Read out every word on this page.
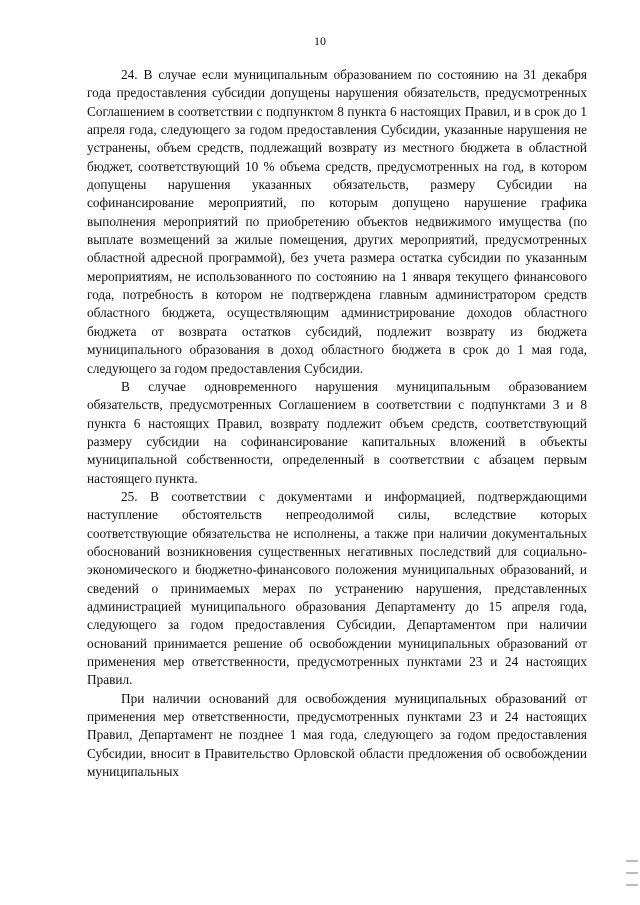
10

24. В случае если муниципальным образованием по состоянию на 31 декабря года предоставления субсидии допущены нарушения обязательств, предусмотренных Соглашением в соответствии с подпунктом 8 пункта 6 настоящих Правил, и в срок до 1 апреля года, следующего за годом предоставления Субсидии, указанные нарушения не устранены, объем средств, подлежащий возврату из местного бюджета в областной бюджет, соответствующий 10 % объема средств, предусмотренных на год, в котором допущены нарушения указанных обязательств, размеру Субсидии на софинансирование мероприятий, по которым допущено нарушение графика выполнения мероприятий по приобретению объектов недвижимого имущества (по выплате возмещений за жилые помещения, других мероприятий, предусмотренных областной адресной программой), без учета размера остатка субсидии по указанным мероприятиям, не использованного по состоянию на 1 января текущего финансового года, потребность в котором не подтверждена главным администратором средств областного бюджета, осуществляющим администрирование доходов областного бюджета от возврата остатков субсидий, подлежит возврату из бюджета муниципального образования в доход областного бюджета в срок до 1 мая года, следующего за годом предоставления Субсидии.

В случае одновременного нарушения муниципальным образованием обязательств, предусмотренных Соглашением в соответствии с подпунктами 3 и 8 пункта 6 настоящих Правил, возврату подлежит объем средств, соответствующий размеру субсидии на софинансирование капитальных вложений в объекты муниципальной собственности, определенный в соответствии с абзацем первым настоящего пункта.

25. В соответствии с документами и информацией, подтверждающими наступление обстоятельств непреодолимой силы, вследствие которых соответствующие обязательства не исполнены, а также при наличии документальных обоснований возникновения существенных негативных последствий для социально-экономического и бюджетно-финансового положения муниципальных образований, и сведений о принимаемых мерах по устранению нарушения, представленных администрацией муниципального образования Департаменту до 15 апреля года, следующего за годом предоставления Субсидии, Департаментом при наличии оснований принимается решение об освобождении муниципальных образований от применения мер ответственности, предусмотренных пунктами 23 и 24 настоящих Правил.

При наличии оснований для освобождения муниципальных образований от применения мер ответственности, предусмотренных пунктами 23 и 24 настоящих Правил, Департамент не позднее 1 мая года, следующего за годом предоставления Субсидии, вносит в Правительство Орловской области предложения об освобождении муниципальных
